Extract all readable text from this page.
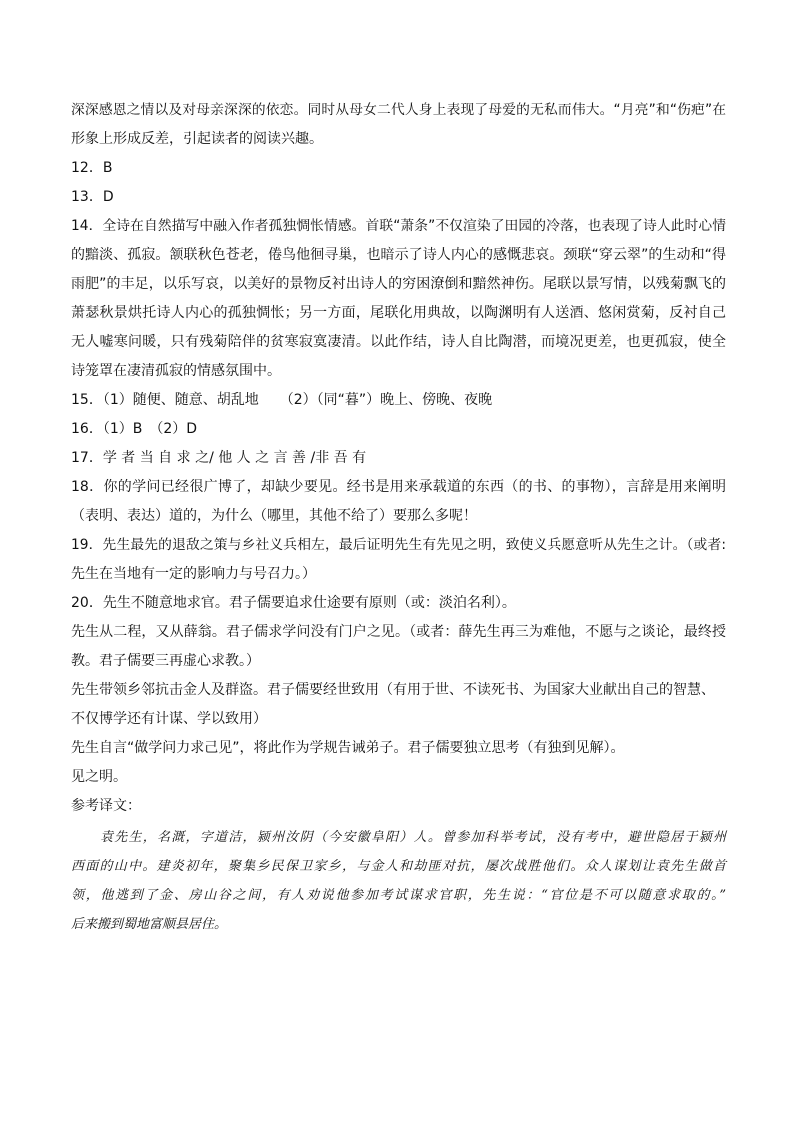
深深感恩之情以及对母亲深深的依恋。同时从母女二代人身上表现了母爱的无私而伟大。“月亮”和“伤疤”在
形象上形成反差，引起读者的阅读兴趣。
12．B
13．D
14．全诗在自然描写中融入作者孤独惆怅情感。首联“萧条”不仅渲染了田园的冷落，也表现了诗人此时心情
的黯淡、孤寂。颔联秋色苍老，倦鸟他徊寻巢，也暗示了诗人内心的感慨悲哀。颈联“穿云翠”的生动和“得
雨肥”的丰足，以乐写哀，以美好的景物反衬出诗人的穷困潦倒和黯然神伤。尾联以景写情，以残菊飘飞的
萧瑟秋景烘托诗人内心的孤独惆怅；另一方面，尾联化用典故，以陶渊明有人送酒、悠闲赏菊，反衬自己
无人嘘寒问暖，只有残菊陪伴的贫寒寂寞凄清。以此作结，诗人自比陶潜，而境况更差，也更孤寂，使全
诗笼罩在凄清孤寂的情感氛围中。
15．（1）随便、随意、胡乱地　　（2）（同“暮”）晚上、傍晚、夜晚
16．（1）B　（2）D
17．学 者 当 自 求 之/ 他 人 之 言 善 /非 吾 有
18．你的学问已经很广博了，却缺少要见。经书是用来承载道的东西（的书、的事物），言辞是用来阐明
（表明、表达）道的，为什么（哪里，其他不给了）要那么多呢！
19．先生最先的退敌之策与乡社义兵相左，最后证明先生有先见之明，致使义兵愿意听从先生之计。（或者:
先生在当地有一定的影响力与号召力。）
20．先生不随意地求官。君子儒要追求仕途要有原则（或：淡泊名利）。
先生从二程，又从薛翁。君子儒求学问没有门户之见。（或者：薛先生再三为难他，不愿与之谈论，最终授
教。君子儒要三再虚心求教。）
先生带领乡邻抗击金人及群盗。君子儒要经世致用（有用于世、不读死书、为国家大业献出自己的智慧、
不仅博学还有计谋、学以致用）
先生自言“做学问力求己见”，将此作为学规告诫弟子。君子儒要独立思考（有独到见解）。
见之明。
参考译文：
袁先生，名溉，字道洁，颍州汝阴（今安徽阜阳）人。曾参加科举考试，没有考中，避世隐居于颍州
西面的山中。建炎初年，聚集乡民保卫家乡，与金人和劫匪对抗，屡次战胜他们。众人谋划让袁先生做首
领，他逃到了金、房山谷之间，有人劝说他参加考试谋求官职，先生说：“官位是不可以随意求取的。”
后来搬到蜀地富顺县居住。
